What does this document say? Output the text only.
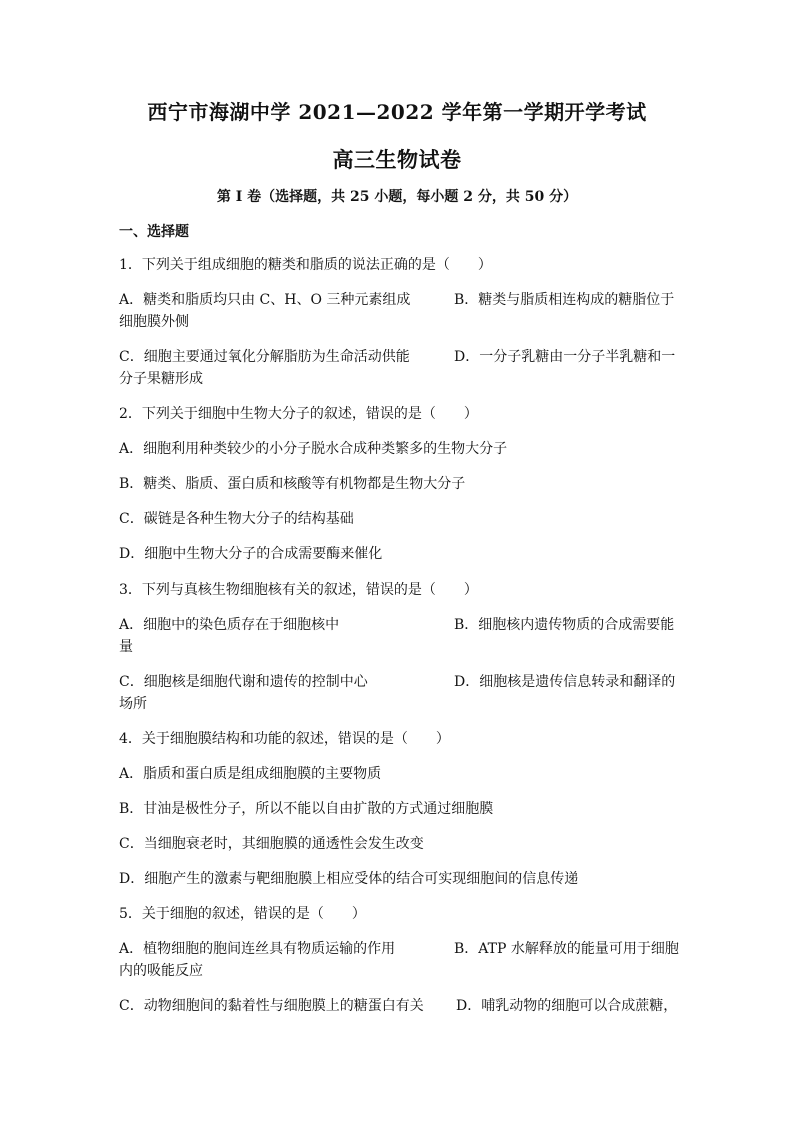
西宁市海湖中学 2021—2022 学年第一学期开学考试
高三生物试卷
第 I 卷（选择题，共 25 小题，每小题 2 分，共 50 分）
一、选择题
1．下列关于组成细胞的糖类和脂质的说法正确的是（　　）
A．糖类和脂质均只由 C、H、O 三种元素组成	B．糖类与脂质相连构成的糖脂位于
细胞膜外侧
C．细胞主要通过氧化分解脂肪为生命活动供能	D．一分子乳糖由一分子半乳糖和一
分子果糖形成
2．下列关于细胞中生物大分子的叙述，错误的是（　　）
A．细胞利用种类较少的小分子脱水合成种类繁多的生物大分子
B．糖类、脂质、蛋白质和核酸等有机物都是生物大分子
C．碳链是各种生物大分子的结构基础
D．细胞中生物大分子的合成需要酶来催化
3．下列与真核生物细胞核有关的叙述，错误的是（　　）
A．细胞中的染色质存在于细胞核中	B．细胞核内遗传物质的合成需要能
量
C．细胞核是细胞代谢和遗传的控制中心	D．细胞核是遗传信息转录和翻译的
场所
4．关于细胞膜结构和功能的叙述，错误的是（　　）
A．脂质和蛋白质是组成细胞膜的主要物质
B．甘油是极性分子，所以不能以自由扩散的方式通过细胞膜
C．当细胞衰老时，其细胞膜的通透性会发生改变
D．细胞产生的激素与靶细胞膜上相应受体的结合可实现细胞间的信息传递
5．关于细胞的叙述，错误的是（　　）
A．植物细胞的胞间连丝具有物质运输的作用	B．ATP 水解释放的能量可用于细胞
内的吸能反应
C．动物细胞间的黏着性与细胞膜上的糖蛋白有关 D．哺乳动物的细胞可以合成蔗糖，
